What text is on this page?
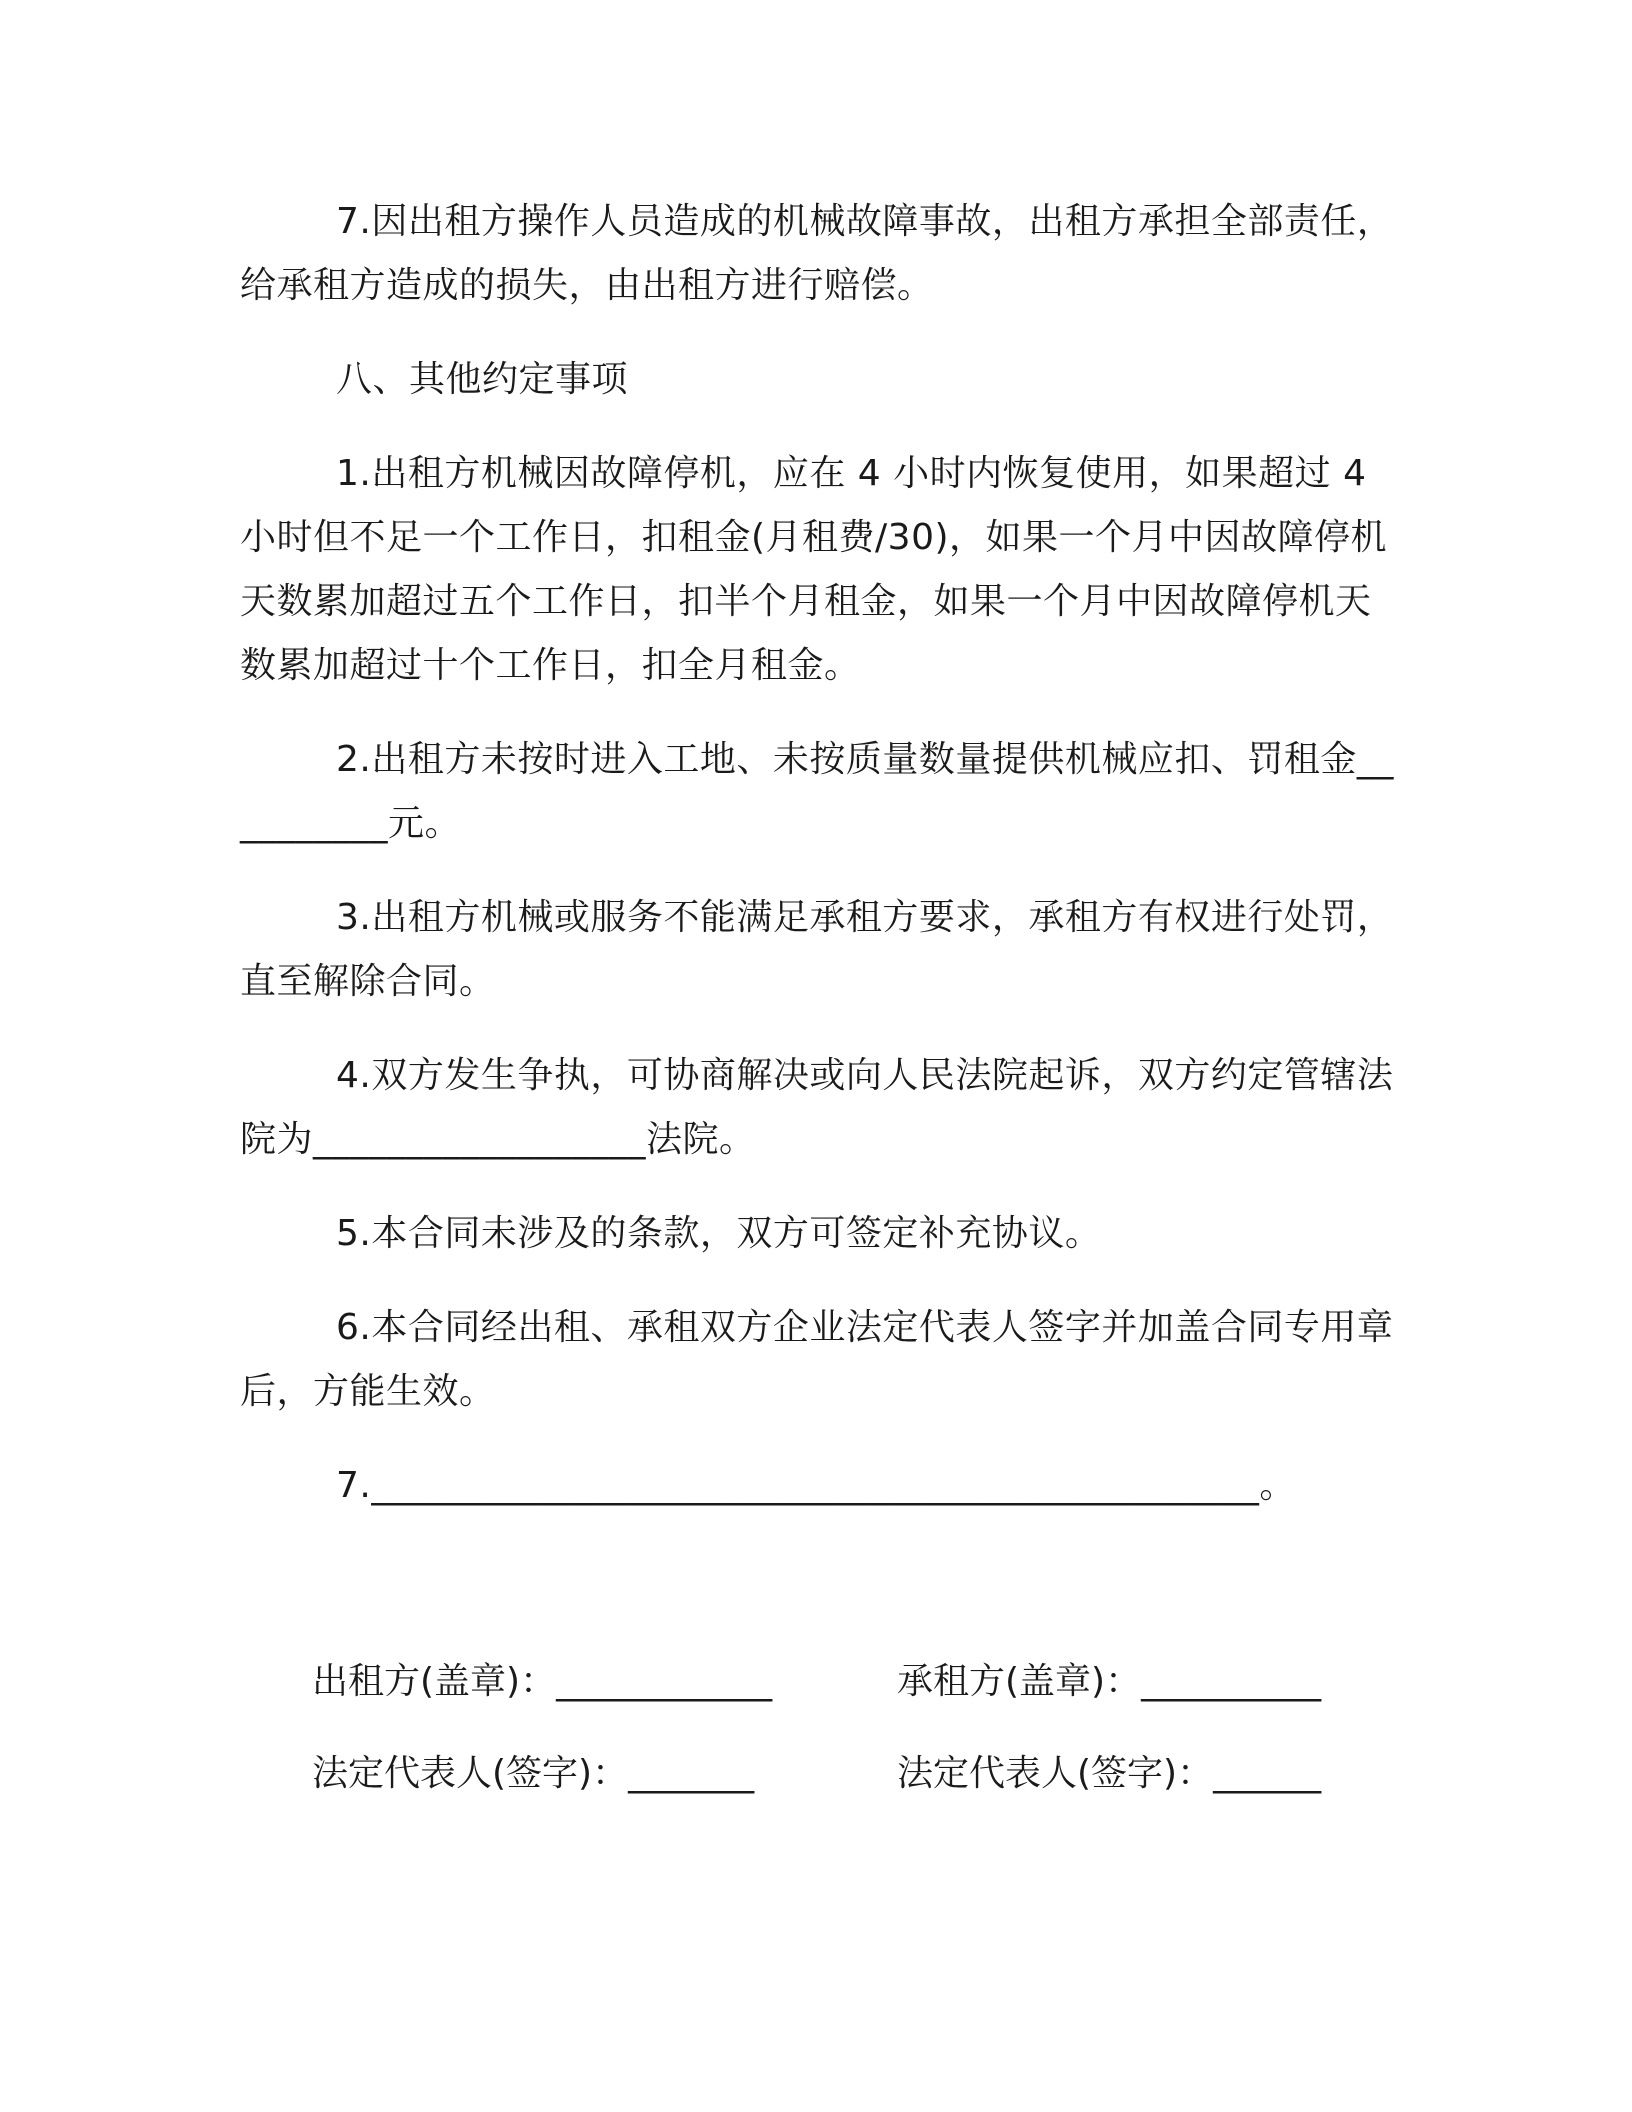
7.因出租方操作人员造成的机械故障事故，出租方承担全部责任，给承租方造成的损失，由出租方进行赔偿。

八、其他约定事项

1.出租方机械因故障停机，应在 4 小时内恢复使用，如果超过 4 小时但不足一个工作日，扣租金(月租费/30)，如果一个月中因故障停机天数累加超过五个工作日，扣半个月租金，如果一个月中因故障停机天数累加超过十个工作日，扣全月租金。

2.出租方未按时进入工地、未按质量数量提供机械应扣、罚租金__________元。

3.出租方机械或服务不能满足承租方要求，承租方有权进行处罚，直至解除合同。

4.双方发生争执，可协商解决或向人民法院起诉，双方约定管辖法院为__________________法院。

5.本合同未涉及的条款，双方可签定补充协议。

6.本合同经出租、承租双方企业法定代表人签字并加盖合同专用章后，方能生效。

7.________________________________________________。

出租方(盖章)：____________	承租方(盖章)：__________
法定代表人(签字)：_______	法定代表人(签字)：______
